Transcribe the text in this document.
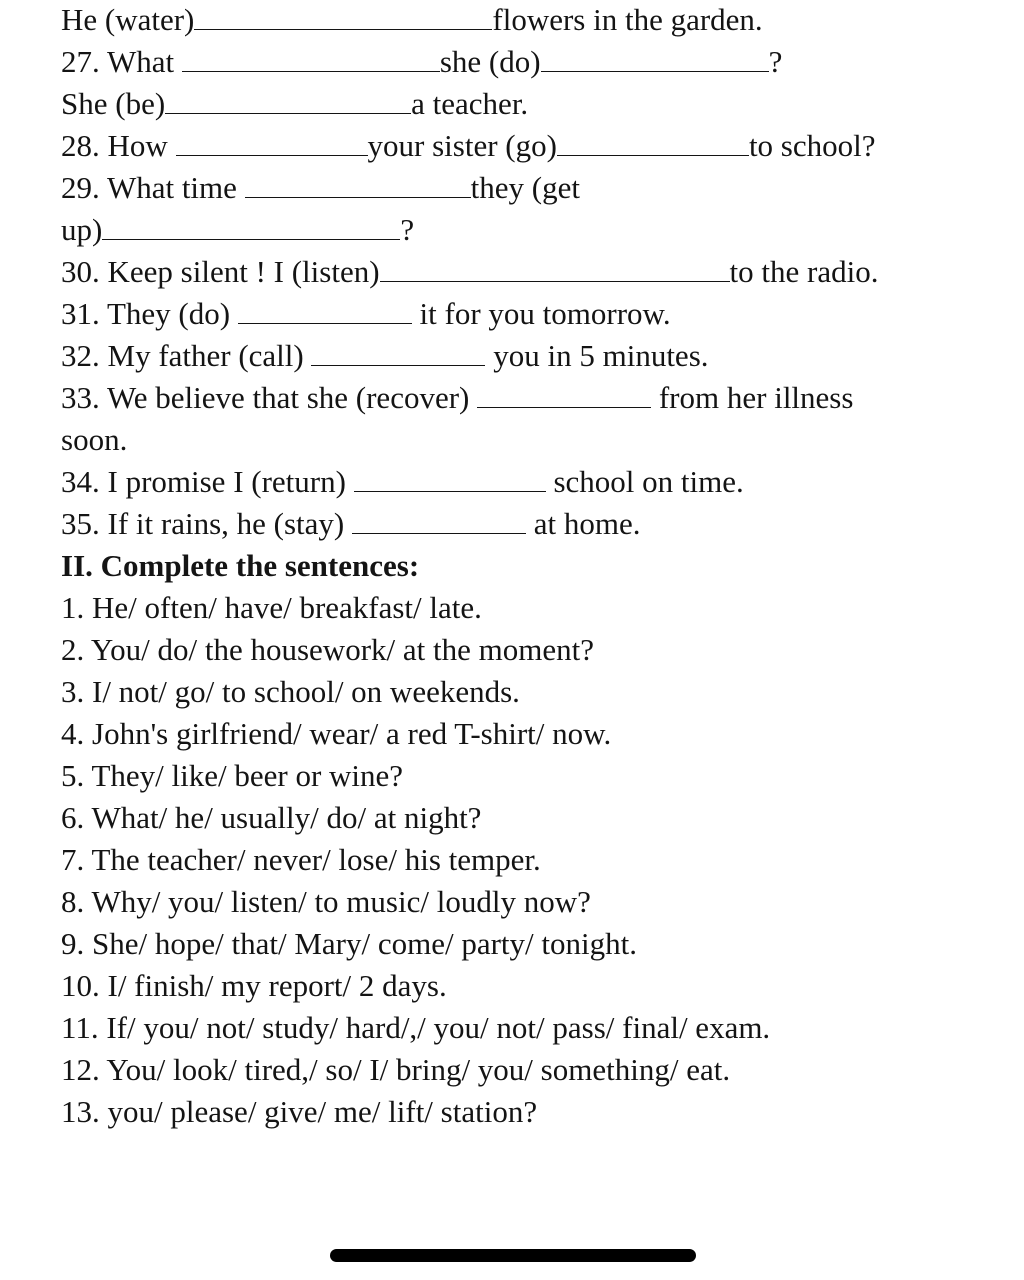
He (water)	flowers in the garden.
27. What	she (do)	?
She (be)	a teacher.
28. How	your sister (go)	to school?
29. What time	they (get
up)	?
30. Keep silent ! I (listen)	to the radio.
31. They (do)	it for you tomorrow.
32. My father (call)	you in 5 minutes.
33. We believe that she (recover)	from her illness
soon.
34. I promise I (return)	school on time.
35. If it rains, he (stay)	at home.
II. Complete the sentences:
1. He/ often/ have/ breakfast/ late.
2. You/ do/ the housework/ at the moment?
3. I/ not/ go/ to school/ on weekends.
4. John's girlfriend/ wear/ a red T-shirt/ now.
5. They/ like/ beer or wine?
6. What/ he/ usually/ do/ at night?
7. The teacher/ never/ lose/ his temper.
8. Why/ you/ listen/ to music/ loudly now?
9. She/ hope/ that/ Mary/ come/ party/ tonight.
10. I/ finish/ my report/ 2 days.
11. If/ you/ not/ study/ hard/,/ you/ not/ pass/ final/ exam.
12. You/ look/ tired,/ so/ I/ bring/ you/ something/ eat.
13. you/ please/ give/ me/ lift/ station?
